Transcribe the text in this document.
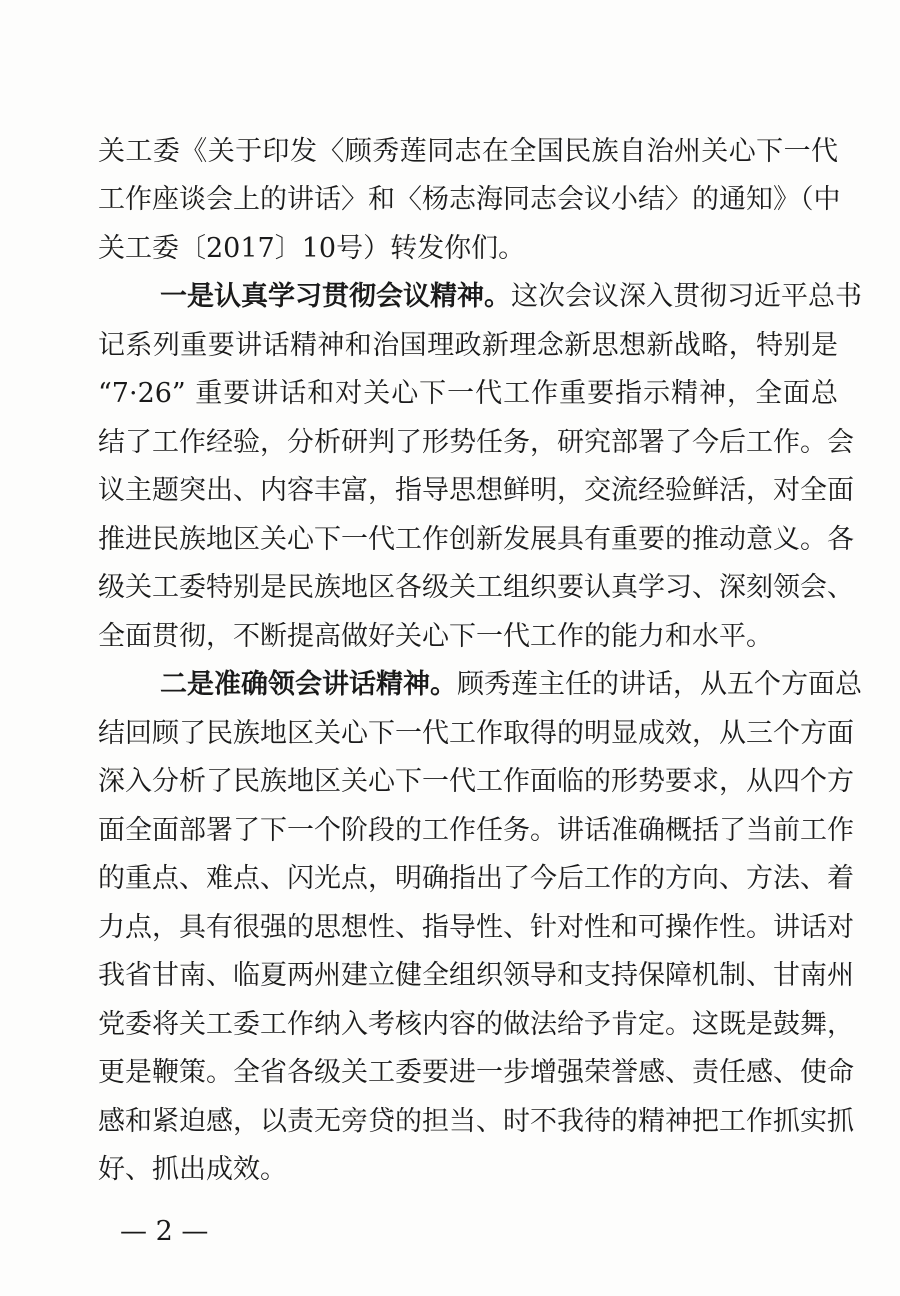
关工委《关于印发〈顾秀莲同志在全国民族自治州关心下一代
工作座谈会上的讲话〉和〈杨志海同志会议小结〉的通知》（中
关工委〔2017〕10号）转发你们。
一是认真学习贯彻会议精神。这次会议深入贯彻习近平总书
记系列重要讲话精神和治国理政新理念新思想新战略，特别是
“7·26” 重要讲话和对关心下一代工作重要指示精神，全面总
结了工作经验，分析研判了形势任务，研究部署了今后工作。会
议主题突出、内容丰富，指导思想鲜明，交流经验鲜活，对全面
推进民族地区关心下一代工作创新发展具有重要的推动意义。各
级关工委特别是民族地区各级关工组织要认真学习、深刻领会、
全面贯彻，不断提高做好关心下一代工作的能力和水平。
二是准确领会讲话精神。顾秀莲主任的讲话，从五个方面总
结回顾了民族地区关心下一代工作取得的明显成效，从三个方面
深入分析了民族地区关心下一代工作面临的形势要求，从四个方
面全面部署了下一个阶段的工作任务。讲话准确概括了当前工作
的重点、难点、闪光点，明确指出了今后工作的方向、方法、着
力点，具有很强的思想性、指导性、针对性和可操作性。讲话对
我省甘南、临夏两州建立健全组织领导和支持保障机制、甘南州
党委将关工委工作纳入考核内容的做法给予肯定。这既是鼓舞，
更是鞭策。全省各级关工委要进一步增强荣誉感、责任感、使命
感和紧迫感，以责无旁贷的担当、时不我待的精神把工作抓实抓
好、抓出成效。
— 2 —
